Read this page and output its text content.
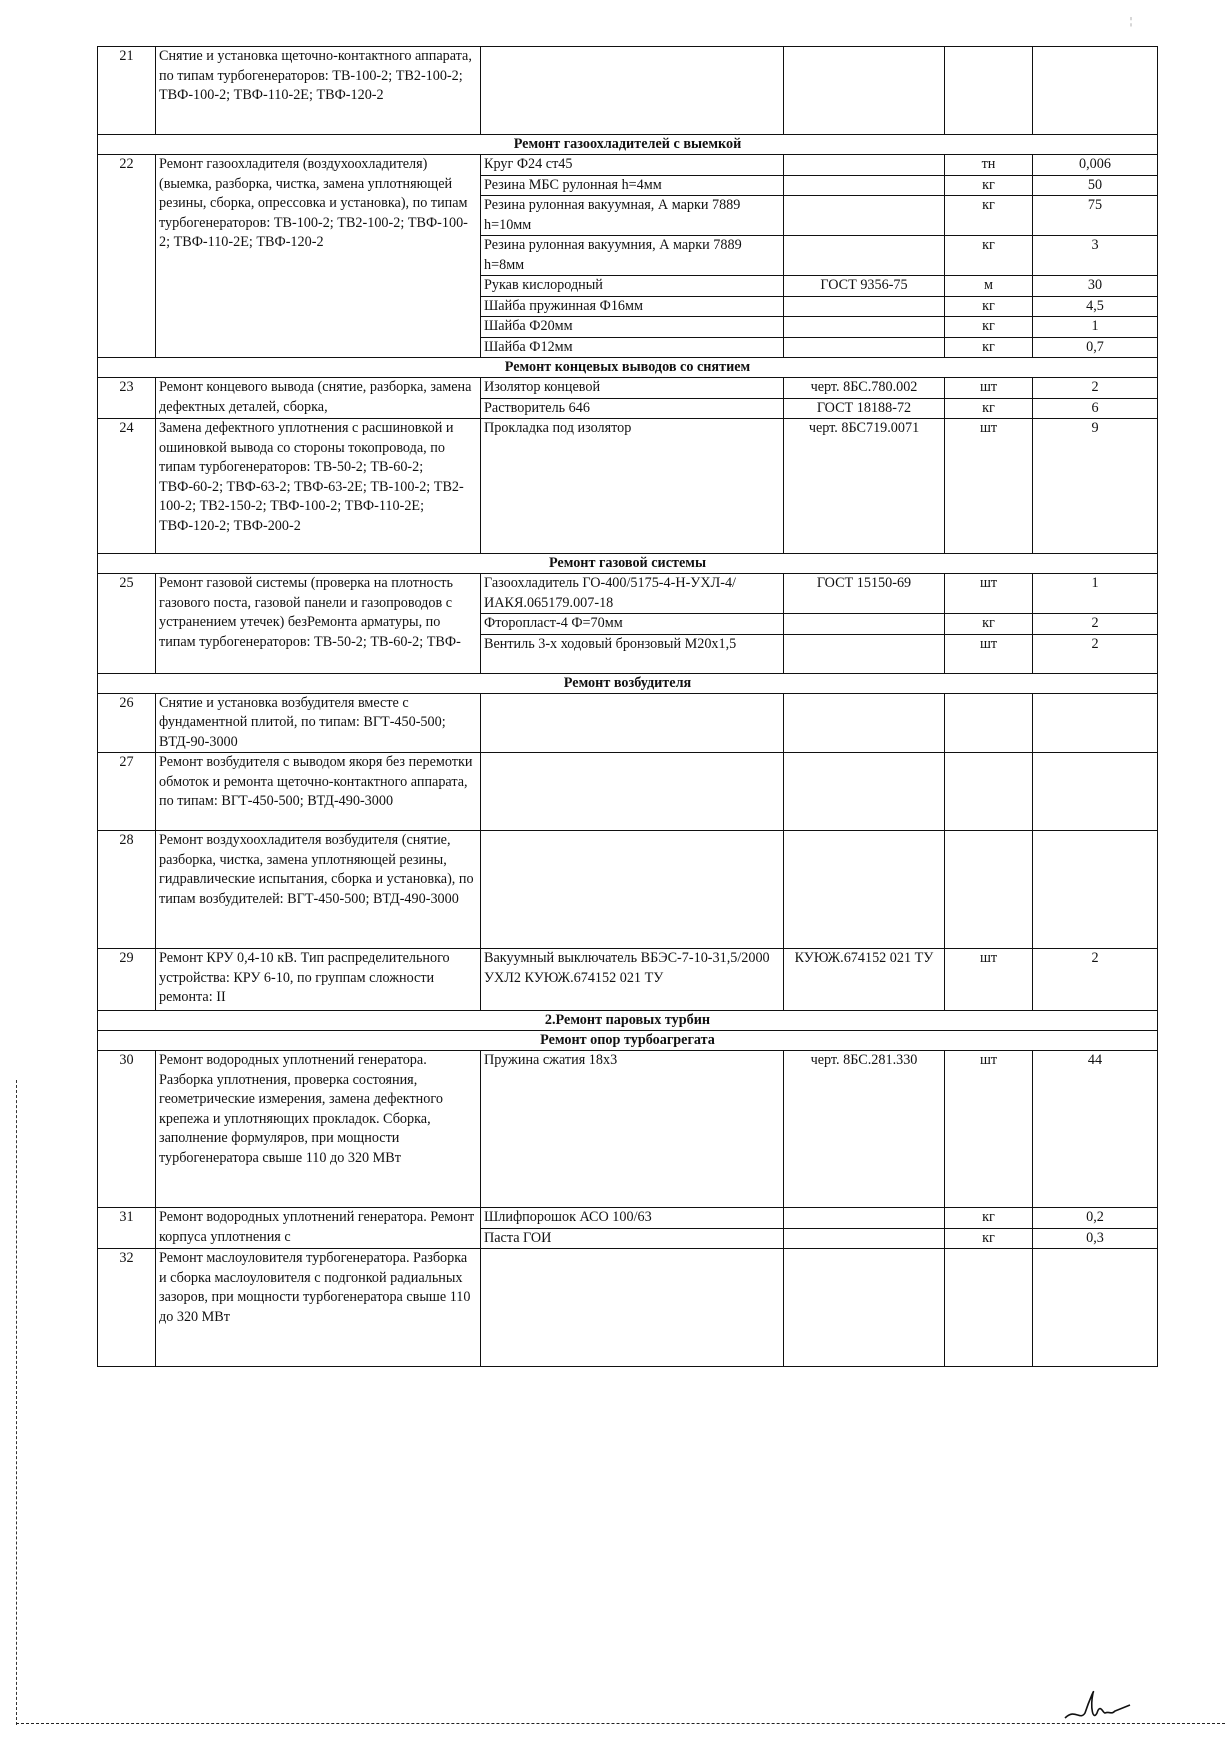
¦
21	Снятие и установка щеточно-контактного аппарата, по типам турбогенераторов: ТВ-100-2; ТВ2-100-2; ТВФ-100-2; ТВФ-110-2Е; ТВФ-120-2				
Ремонт газоохладителей с выемкой					
22	Ремонт газоохладителя (воздухоохладителя) (выемка, разборка, чистка, замена уплотняющей резины, сборка, опрессовка и установка), по типам турбогенераторов: ТВ-100-2; ТВ2-100-2; ТВФ-100-2; ТВФ-110-2Е; ТВФ-120-2	Круг Ф24 ст45		тн	0,006
		Резина МБС рулонная h=4мм		кг	50
		Резина рулонная вакуумная, А марки 7889 h=10мм		кг	75
		Резина рулонная вакуумния, А марки 7889 h=8мм		кг	3
		Рукав кислородный	ГОСТ 9356-75	м	30
		Шайба пружинная Ф16мм		кг	4,5
		Шайба Ф20мм		кг	1
		Шайба Ф12мм		кг	0,7
Ремонт концевых выводов со снятием					
23	Ремонт концевого вывода (снятие, разборка, замена дефектных деталей, сборка,	Изолятор концевой	черт. 8БС.780.002	шт	2
		Растворитель 646	ГОСТ 18188-72	кг	6
24	Замена дефектного уплотнения с расшиновкой и ошиновкой вывода со стороны токопровода, по типам турбогенераторов: ТВ-50-2; ТВ-60-2; ТВФ-60-2; ТВФ-63-2; ТВФ-63-2Е; ТВ-100-2; ТВ2-100-2; ТВ2-150-2; ТВФ-100-2; ТВФ-110-2Е; ТВФ-120-2; ТВФ-200-2	Прокладка под изолятор	черт. 8БС719.0071	шт	9
Ремонт газовой системы					
25	Ремонт газовой системы (проверка на плотность газового поста, газовой панели и газопроводов с устранением утечек) безРемонта арматуры, по типам турбогенераторов: ТВ-50-2; ТВ-60-2; ТВФ-	Газоохладитель ГО-400/5175-4-Н-УХЛ-4/ИАКЯ.065179.007-18	ГОСТ 15150-69	шт	1
		Фторопласт-4 Ф=70мм		кг	2
		Вентиль 3-х ходовый бронзовый М20х1,5		шт	2
Ремонт возбудителя					
26	Снятие и установка возбудителя вместе с фундаментной плитой, по типам: ВГТ-450-500; ВТД-90-3000				
27	Ремонт возбудителя с выводом якоря без перемотки обмоток и ремонта щеточно-контактного аппарата, по типам: ВГТ-450-500; ВТД-490-3000				
28	Ремонт воздухоохладителя возбудителя (снятие, разборка, чистка, замена уплотняющей резины, гидравлические испытания, сборка и установка), по типам возбудителей: ВГТ-450-500; ВТД-490-3000				
29	Ремонт КРУ 0,4-10 кВ. Тип распределительного устройства: КРУ 6-10, по группам сложности ремонта: II	Вакуумный выключатель ВБЭС-7-10-31,5/2000 УХЛ2 КУЮЖ.674152 021 ТУ	КУЮЖ.674152 021 ТУ	шт	2
2.Ремонт паровых турбин					
Ремонт опор турбоагрегата					
30	Ремонт водородных уплотнений генератора. Разборка уплотнения, проверка состояния, геометрические измерения, замена дефектного крепежа и уплотняющих прокладок. Сборка, заполнение формуляров, при мощности турбогенератора свыше 110 до 320 МВт	Пружина сжатия 18х3	черт. 8БС.281.330	шт	44
31	Ремонт водородных уплотнений генератора. Ремонт корпуса уплотнения с	Шлифпорошок АСО 100/63		кг	0,2
		Паста ГОИ		кг	0,3
32	Ремонт маслоуловителя турбогенератора. Разборка и сборка маслоуловителя с подгонкой радиальных зазоров, при мощности турбогенератора свыше 110 до 320 МВт				
